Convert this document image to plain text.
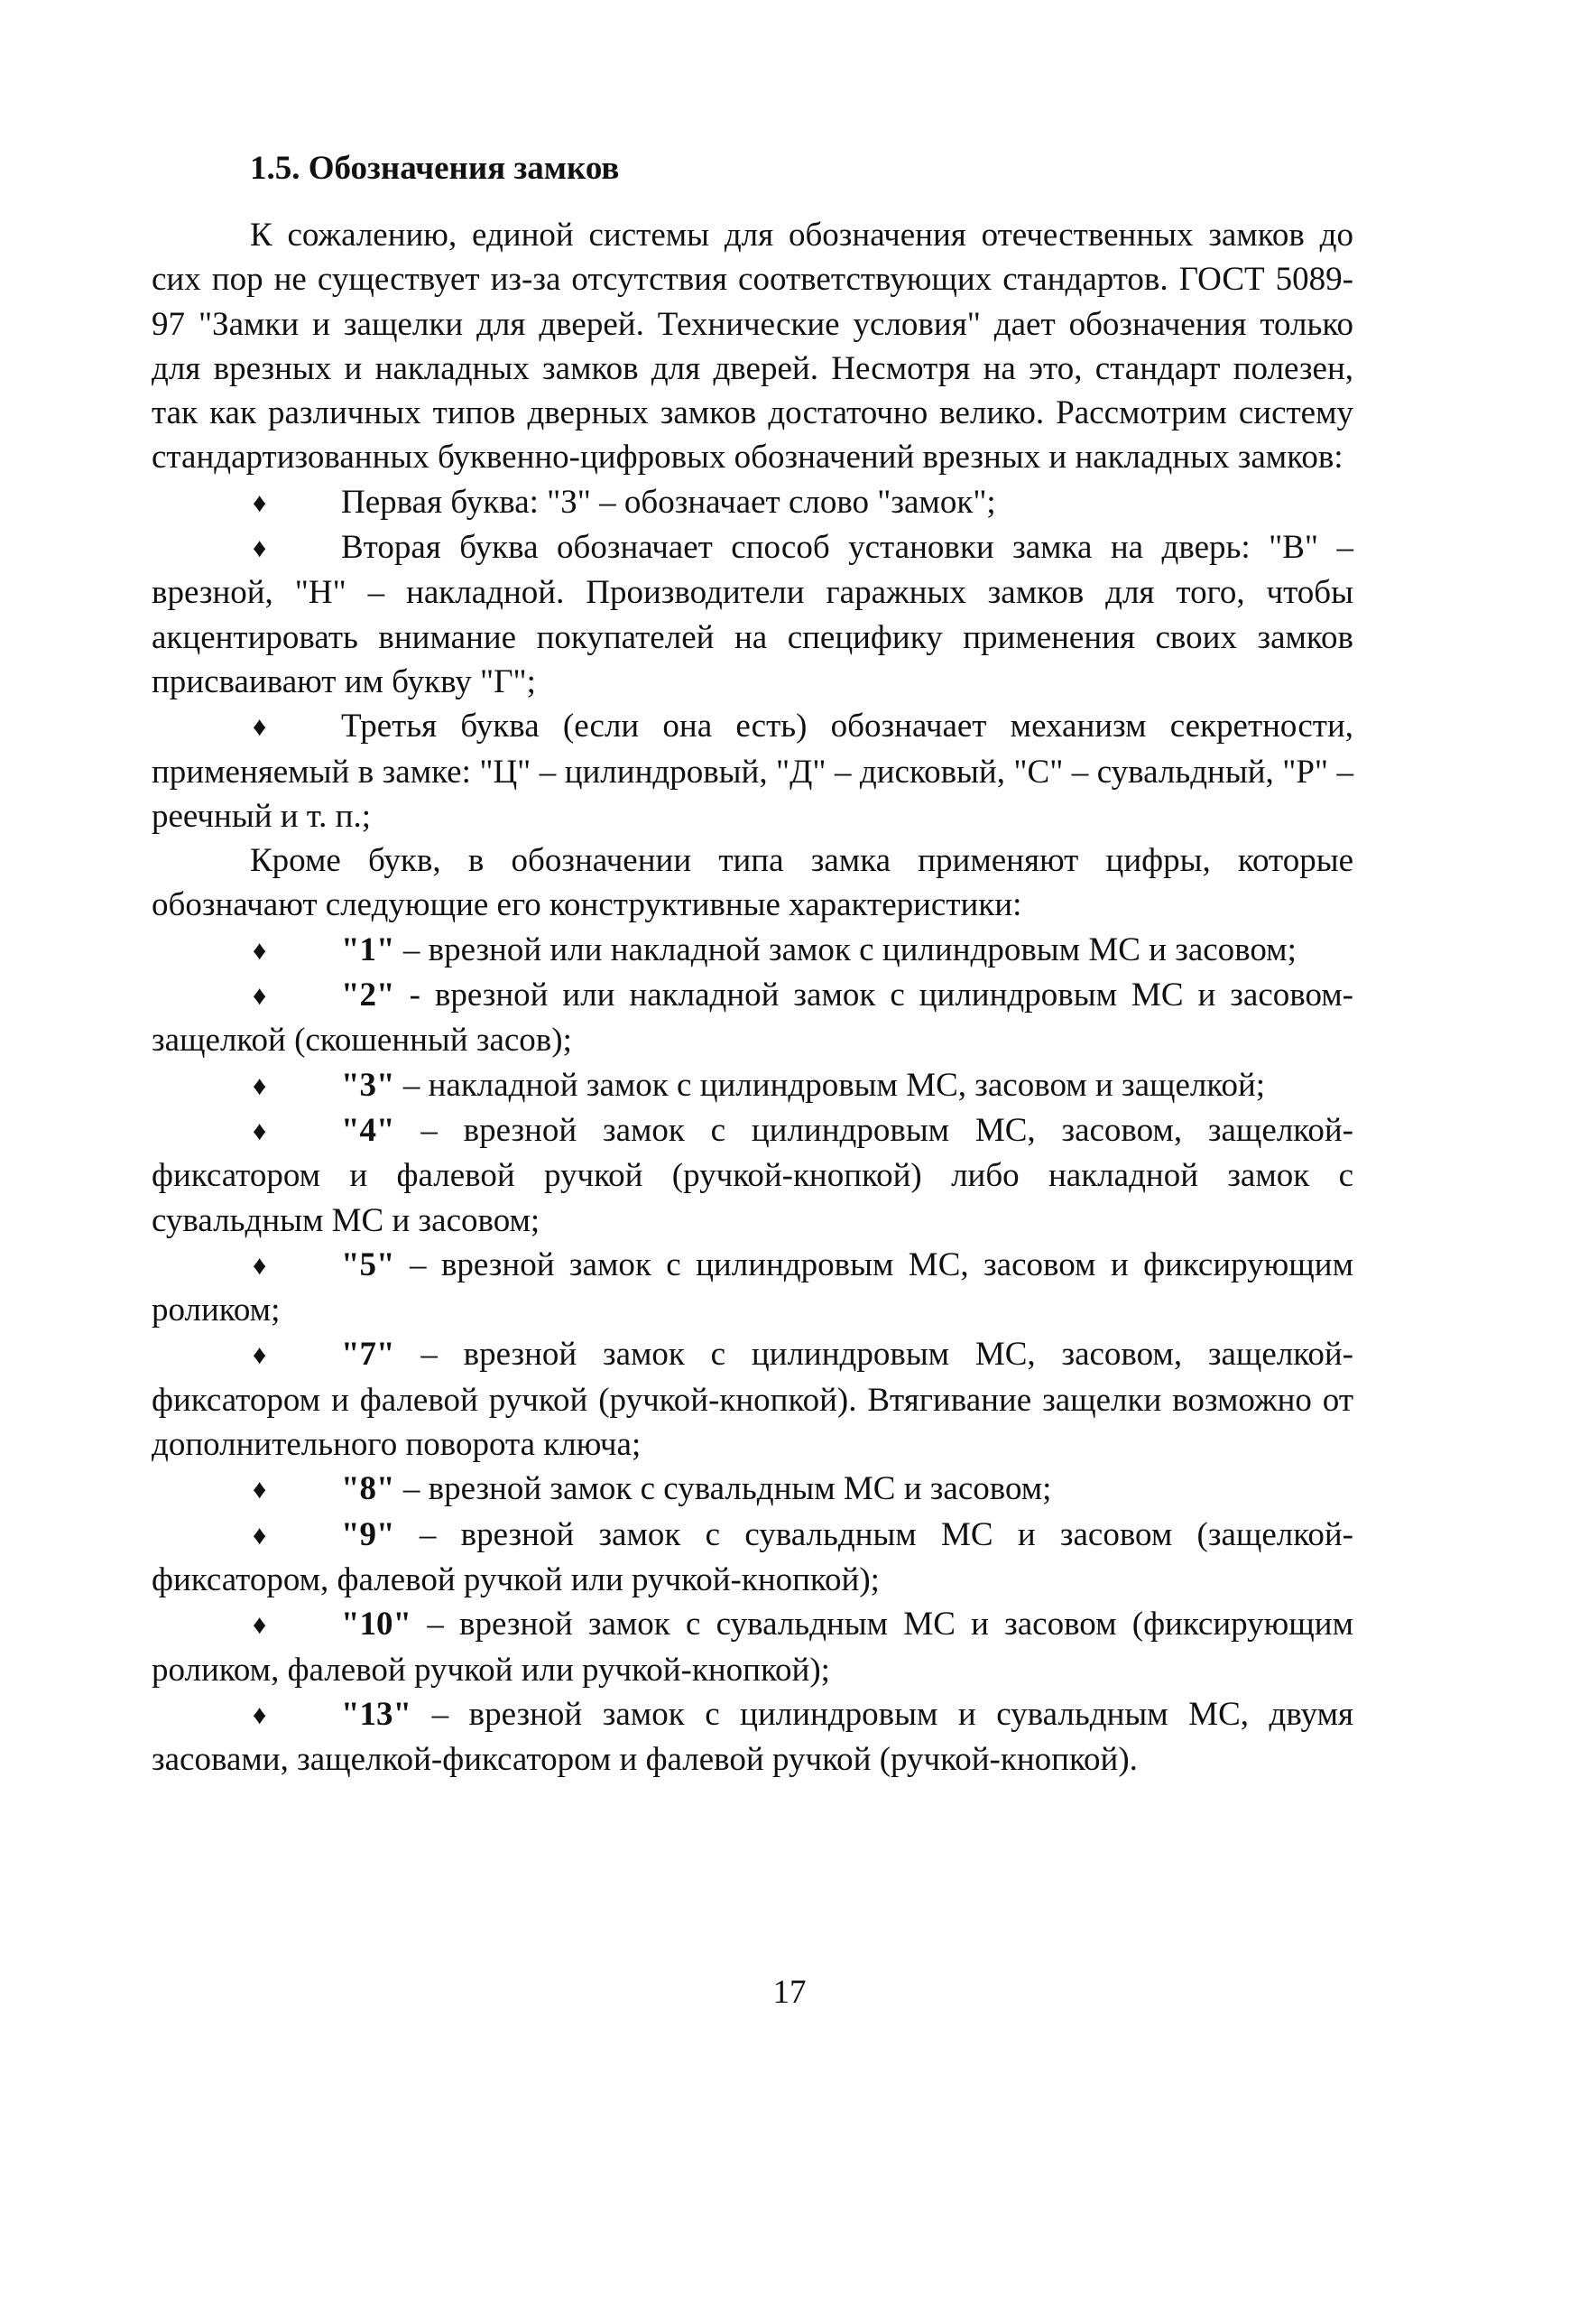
1.5. Обозначения замков

К сожалению, единой системы для обозначения отечественных замков до сих пор не существует из-за отсутствия соответствующих стандартов. ГОСТ 5089-97 "Замки и защелки для дверей. Технические условия" дает обозначения только для врезных и накладных замков для дверей. Несмотря на это, стандарт полезен, так как различных типов дверных замков достаточно велико. Рассмотрим систему стандартизованных буквенно-цифровых обозначений врезных и накладных замков:

♦ Первая буква: "З" – обозначает слово "замок";

♦ Вторая буква обозначает способ установки замка на дверь: "В" – врезной, "Н" – накладной. Производители гаражных замков для того, чтобы акцентировать внимание покупателей на специфику применения своих замков присваивают им букву "Г";

♦ Третья буква (если она есть) обозначает механизм секретности, применяемый в замке: "Ц" – цилиндровый, "Д" – дисковый, "С" – сувальдный, "Р" – реечный и т. п.;

Кроме букв, в обозначении типа замка применяют цифры, которые обозначают следующие его конструктивные характеристики:

♦ "1" – врезной или накладной замок с цилиндровым МС и засовом;

♦ "2" - врезной или накладной замок с цилиндровым МС и засовом-защелкой (скошенный засов);

♦ "3" – накладной замок с цилиндровым МС, засовом и защелкой;

♦ "4" – врезной замок с цилиндровым МС, засовом, защелкой-фиксатором и фалевой ручкой (ручкой-кнопкой) либо накладной замок с сувальдным МС и засовом;

♦ "5" – врезной замок с цилиндровым МС, засовом и фиксирующим роликом;

♦ "7" – врезной замок с цилиндровым МС, засовом, защелкой-фиксатором и фалевой ручкой (ручкой-кнопкой). Втягивание защелки возможно от дополнительного поворота ключа;

♦ "8" – врезной замок с сувальдным МС и засовом;

♦ "9" – врезной замок с сувальдным МС и засовом (защелкой-фиксатором, фалевой ручкой или ручкой-кнопкой);

♦ "10" – врезной замок с сувальдным МС и засовом (фиксирующим роликом, фалевой ручкой или ручкой-кнопкой);

♦ "13" – врезной замок с цилиндровым и сувальдным МС, двумя засовами, защелкой-фиксатором и фалевой ручкой (ручкой-кнопкой).

17
